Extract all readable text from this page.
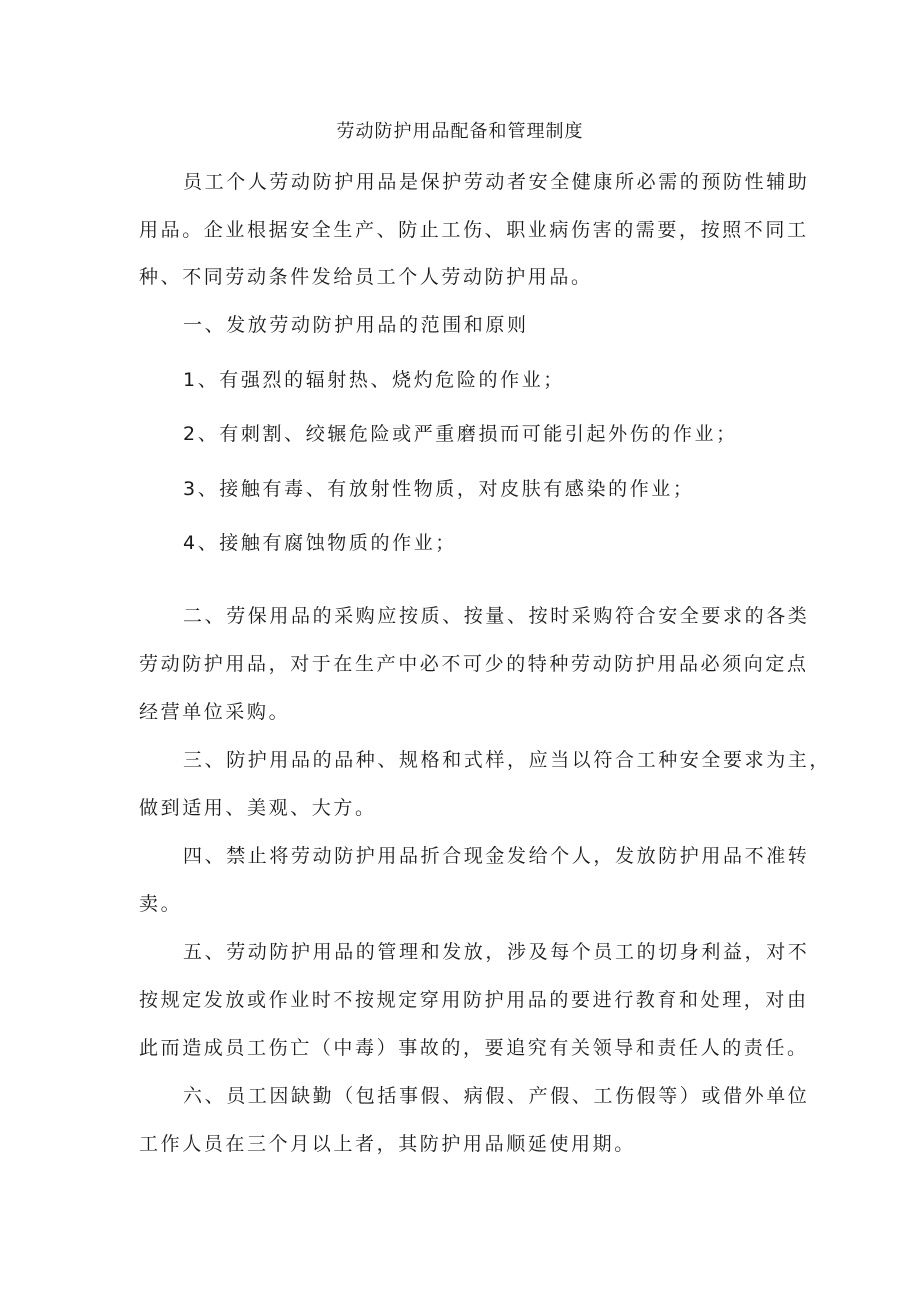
劳动防护用品配备和管理制度

员工个人劳动防护用品是保护劳动者安全健康所必需的预防性辅助

用品。企业根据安全生产、防止工伤、职业病伤害的需要，按照不同工

种、不同劳动条件发给员工个人劳动防护用品。

一、发放劳动防护用品的范围和原则

1、有强烈的辐射热、烧灼危险的作业；

2、有刺割、绞辗危险或严重磨损而可能引起外伤的作业；

3、接触有毒、有放射性物质，对皮肤有感染的作业；

4、接触有腐蚀物质的作业；

二、劳保用品的采购应按质、按量、按时采购符合安全要求的各类

劳动防护用品，对于在生产中必不可少的特种劳动防护用品必须向定点

经营单位采购。

三、防护用品的品种、规格和式样，应当以符合工种安全要求为主，

做到适用、美观、大方。

四、禁止将劳动防护用品折合现金发给个人，发放防护用品不准转

卖。

五、劳动防护用品的管理和发放，涉及每个员工的切身利益，对不

按规定发放或作业时不按规定穿用防护用品的要进行教育和处理，对由

此而造成员工伤亡（中毒）事故的，要追究有关领导和责任人的责任。

六、员工因缺勤（包括事假、病假、产假、工伤假等）或借外单位

工作人员在三个月以上者，其防护用品顺延使用期。
